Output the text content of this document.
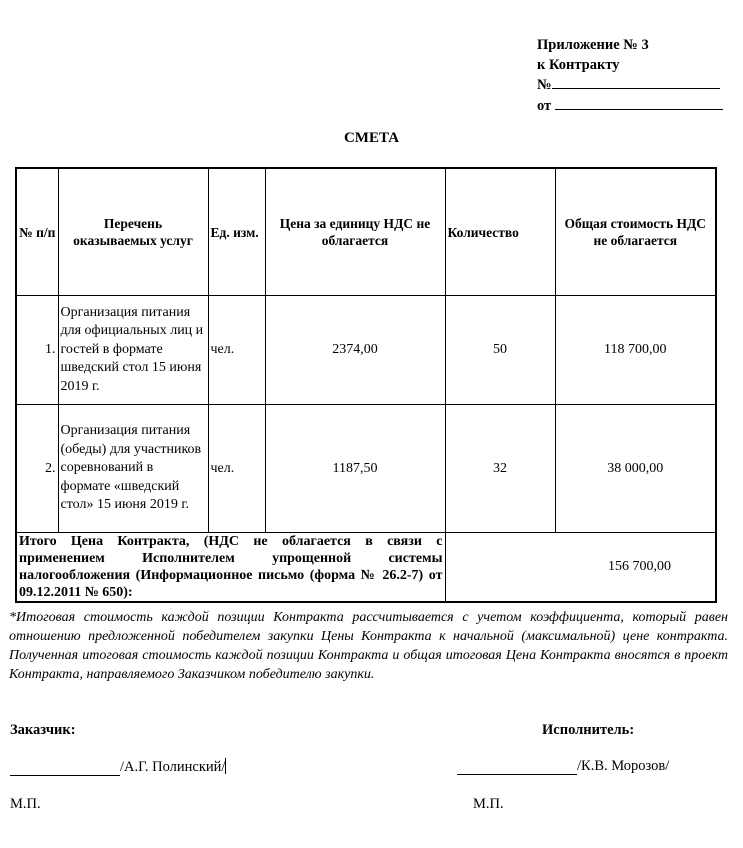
Приложение № 3
к Контракту
№
от
СМЕТА
№ п/п	Перечень оказываемых услуг	Ед. изм.	Цена за единицу НДС не облагается	Количество	Общая стоимость НДС не облагается
1.	Организация питания для официальных лиц и гостей в формате шведский стол 15 июня 2019 г.	чел.	2374,00	50	118 700,00
2.	Организация питания (обеды) для участников соревнований в формате «шведский стол» 15 июня 2019 г.	чел.	1187,50	32	38 000,00
Итого Цена Контракта, (НДС не облагается в связи с применением Исполнителем упрощенной системы налогообложения (Информационное письмо (форма № 26.2-7) от 09.12.2011 № 650):				156 700,00	
*Итоговая стоимость каждой позиции Контракта рассчитывается с учетом коэффициента, который равен отношению предложенной победителем закупки Цены Контракта к начальной (максимальной) цене контракта. Полученная итоговая стоимость каждой позиции Контракта и общая итоговая Цена Контракта вносятся в проект Контракта, направляемого Заказчиком победителю закупки.
Заказчик:	Исполнитель:
/А.Г. Полинский/	/К.В. Морозов/
М.П.	М.П.
